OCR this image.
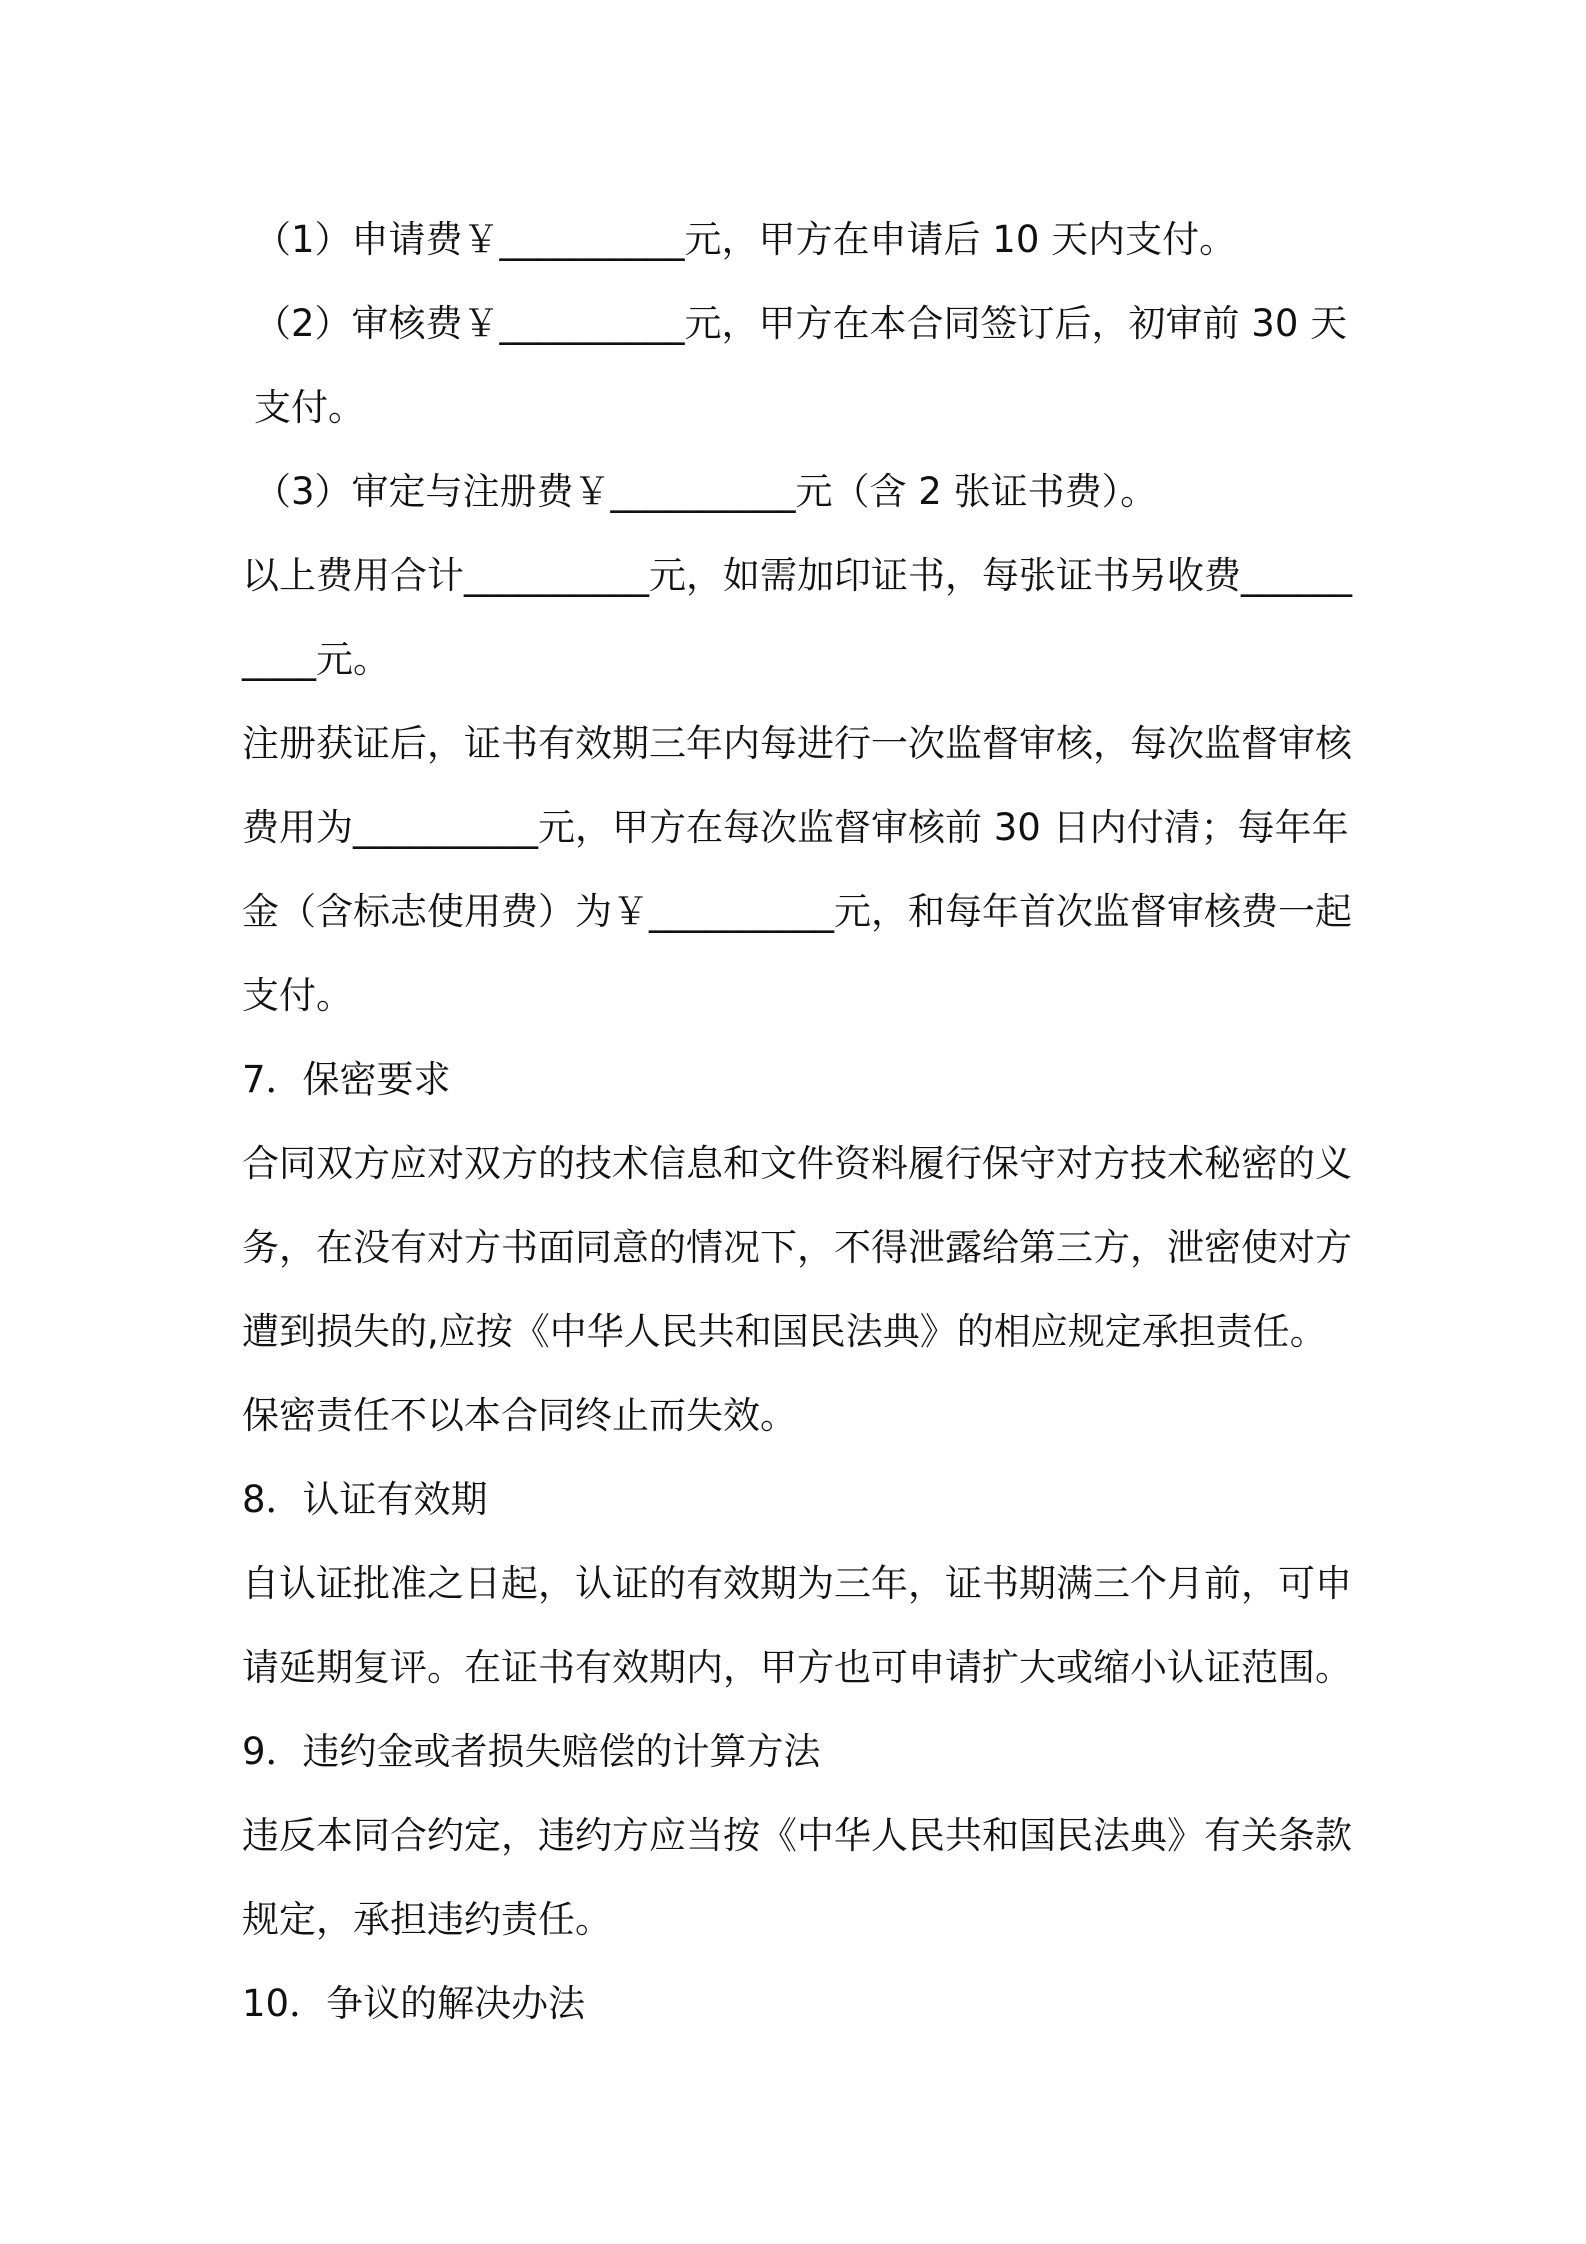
（1）申请费￥__________元，甲方在申请后 10 天内支付。

（2）审核费￥__________元，甲方在本合同签订后，初审前 30 天支付。

（3）审定与注册费￥__________元（含 2 张证书费）。

以上费用合计__________元，如需加印证书，每张证书另收费__________元。

注册获证后，证书有效期三年内每进行一次监督审核，每次监督审核费用为__________元，甲方在每次监督审核前 30 日内付清；每年年金（含标志使用费）为￥__________元，和每年首次监督审核费一起支付。

7．保密要求

合同双方应对双方的技术信息和文件资料履行保守对方技术秘密的义务，在没有对方书面同意的情况下，不得泄露给第三方，泄密使对方遭到损失的,应按《中华人民共和国民法典》的相应规定承担责任。保密责任不以本合同终止而失效。

8．认证有效期

自认证批准之日起，认证的有效期为三年，证书期满三个月前，可申请延期复评。在证书有效期内，甲方也可申请扩大或缩小认证范围。

9．违约金或者损失赔偿的计算方法

违反本同合约定，违约方应当按《中华人民共和国民法典》有关条款规定，承担违约责任。

10．争议的解决办法
